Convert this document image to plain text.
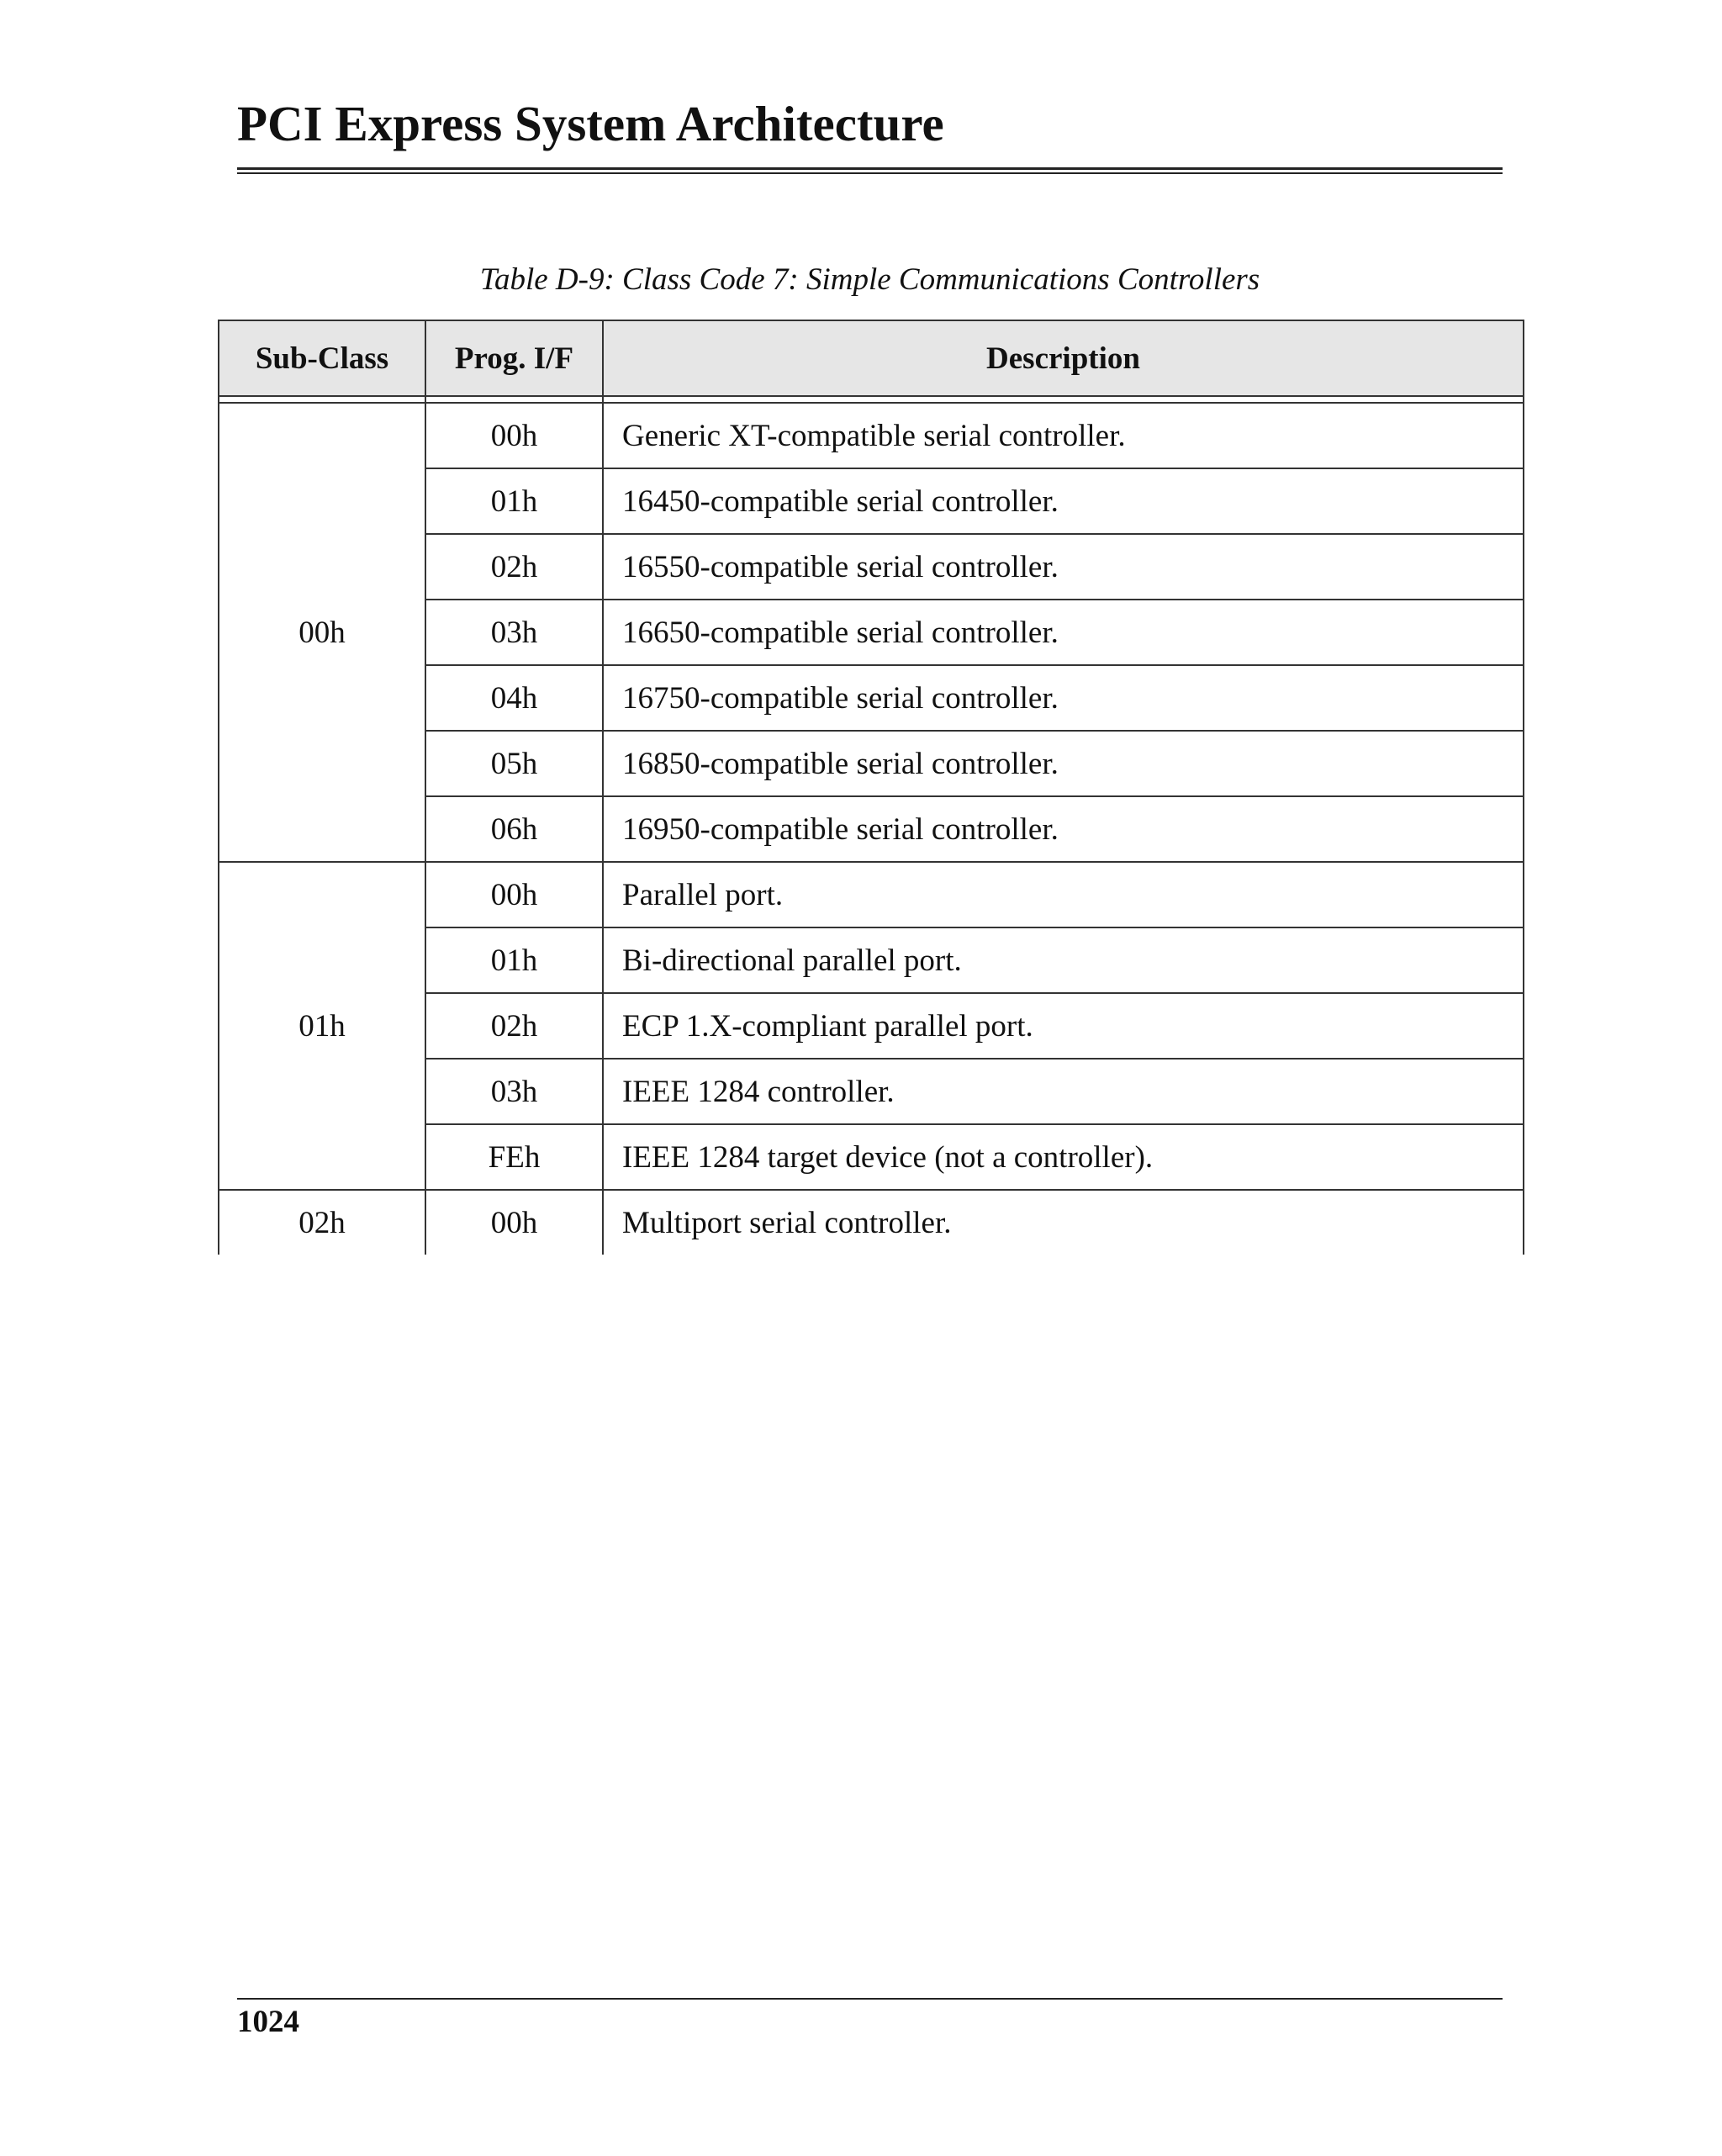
PCI Express System Architecture
Table D-9: Class Code 7: Simple Communications Controllers
Sub-Class	Prog. I/F	Description

00h	00h	Generic XT-compatible serial controller.
	01h	16450-compatible serial controller.
	02h	16550-compatible serial controller.
	03h	16650-compatible serial controller.
	04h	16750-compatible serial controller.
	05h	16850-compatible serial controller.
	06h	16950-compatible serial controller.
01h	00h	Parallel port.
	01h	Bi-directional parallel port.
	02h	ECP 1.X-compliant parallel port.
	03h	IEEE 1284 controller.
	FEh	IEEE 1284 target device (not a controller).
02h	00h	Multiport serial controller.
1024
